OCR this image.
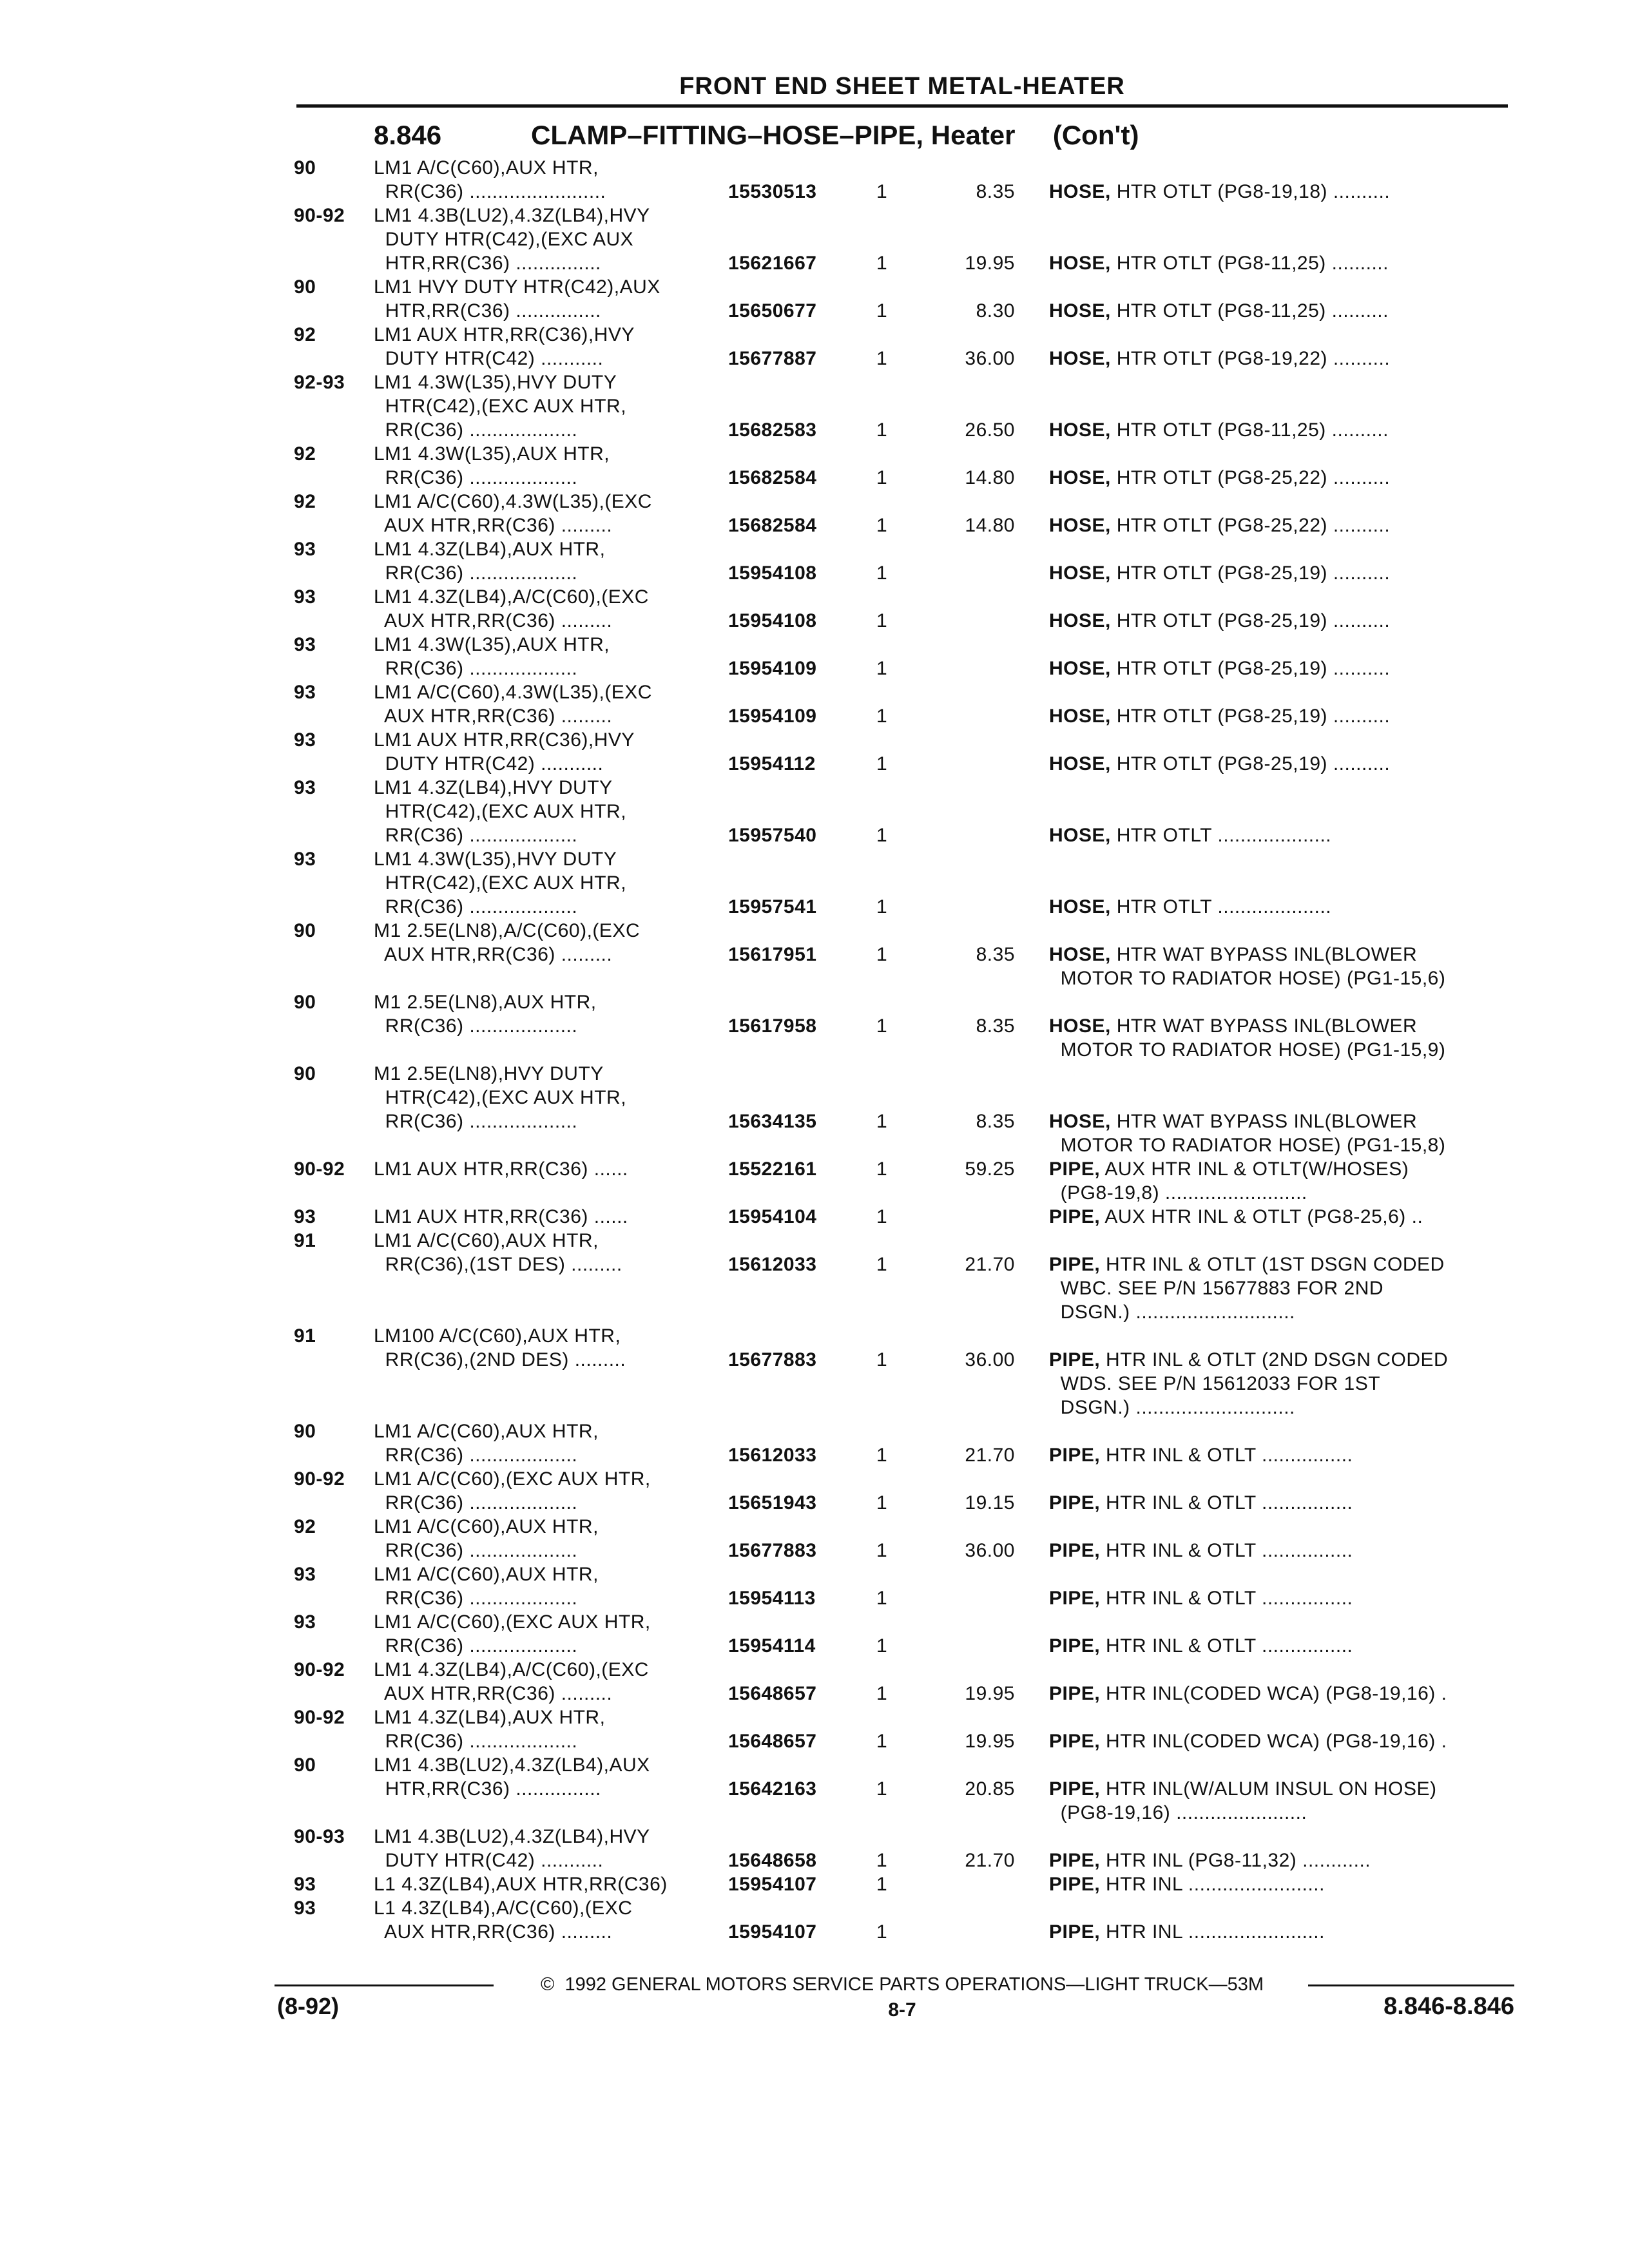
FRONT END SHEET METAL-HEATER
8.846	CLAMP–FITTING–HOSE–PIPE, Heater     (Con't)
90	LM1 A/C(C60),AUX HTR,
RR(C36) ........................	15530513	1	8.35 HOSE, HTR OTLT (PG8-19,18) ..........
90-92 LM1 4.3B(LU2),4.3Z(LB4),HVY
DUTY HTR(C42),(EXC AUX
HTR,RR(C36) ...............	15621667	1	19.95 HOSE, HTR OTLT (PG8-11,25) ..........
90	LM1 HVY DUTY HTR(C42),AUX
HTR,RR(C36) ...............	15650677	1	8.30 HOSE, HTR OTLT (PG8-11,25) ..........
92	LM1 AUX HTR,RR(C36),HVY
DUTY HTR(C42) ...........	15677887	1	36.00 HOSE, HTR OTLT (PG8-19,22) ..........
92-93 LM1 4.3W(L35),HVY DUTY
HTR(C42),(EXC AUX HTR,
RR(C36) ...................	15682583	1	26.50 HOSE, HTR OTLT (PG8-11,25) ..........
92	LM1 4.3W(L35),AUX HTR,
RR(C36) ...................	15682584	1	14.80 HOSE, HTR OTLT (PG8-25,22) ..........
92	LM1 A/C(C60),4.3W(L35),(EXC
AUX HTR,RR(C36) .........	15682584	1	14.80 HOSE, HTR OTLT (PG8-25,22) ..........
93	LM1 4.3Z(LB4),AUX HTR,
RR(C36) ...................	15954108	1	HOSE, HTR OTLT (PG8-25,19) ..........
93	LM1 4.3Z(LB4),A/C(C60),(EXC
AUX HTR,RR(C36) .........	15954108	1	HOSE, HTR OTLT (PG8-25,19) ..........
93	LM1 4.3W(L35),AUX HTR,
RR(C36) ...................	15954109	1	HOSE, HTR OTLT (PG8-25,19) ..........
93	LM1 A/C(C60),4.3W(L35),(EXC
AUX HTR,RR(C36) .........	15954109	1	HOSE, HTR OTLT (PG8-25,19) ..........
93	LM1 AUX HTR,RR(C36),HVY
DUTY HTR(C42) ...........	15954112	1	HOSE, HTR OTLT (PG8-25,19) ..........
93	LM1 4.3Z(LB4),HVY DUTY
HTR(C42),(EXC AUX HTR,
RR(C36) ...................	15957540	1	HOSE, HTR OTLT ....................
93	LM1 4.3W(L35),HVY DUTY
HTR(C42),(EXC AUX HTR,
RR(C36) ...................	15957541	1	HOSE, HTR OTLT ....................
90	M1 2.5E(LN8),A/C(C60),(EXC
AUX HTR,RR(C36) .........	15617951	1	8.35 HOSE, HTR WAT BYPASS INL(BLOWER
MOTOR TO RADIATOR HOSE) (PG1-15,6)
90	M1 2.5E(LN8),AUX HTR,
RR(C36) ...................	15617958	1	8.35 HOSE, HTR WAT BYPASS INL(BLOWER
MOTOR TO RADIATOR HOSE) (PG1-15,9)
90	M1 2.5E(LN8),HVY DUTY
HTR(C42),(EXC AUX HTR,
RR(C36) ...................	15634135	1	8.35 HOSE, HTR WAT BYPASS INL(BLOWER
MOTOR TO RADIATOR HOSE) (PG1-15,8)
90-92 LM1 AUX HTR,RR(C36) ......	15522161	1	59.25 PIPE, AUX HTR INL & OTLT(W/HOSES)
(PG8-19,8) .........................
93	LM1 AUX HTR,RR(C36) ......	15954104	1	PIPE, AUX HTR INL & OTLT (PG8-25,6) ..
91	LM1 A/C(C60),AUX HTR,
RR(C36),(1ST DES) .........	15612033	1	21.70 PIPE, HTR INL & OTLT (1ST DSGN CODED
WBC. SEE P/N 15677883 FOR 2ND
DSGN.) ............................
91	LM100 A/C(C60),AUX HTR,
RR(C36),(2ND DES) .........	15677883	1	36.00 PIPE, HTR INL & OTLT (2ND DSGN CODED
WDS. SEE P/N 15612033 FOR 1ST
DSGN.) ............................
90	LM1 A/C(C60),AUX HTR,
RR(C36) ...................	15612033	1	21.70 PIPE, HTR INL & OTLT ................
90-92 LM1 A/C(C60),(EXC AUX HTR,
RR(C36) ...................	15651943	1	19.15 PIPE, HTR INL & OTLT ................
92	LM1 A/C(C60),AUX HTR,
RR(C36) ...................	15677883	1	36.00 PIPE, HTR INL & OTLT ................
93	LM1 A/C(C60),AUX HTR,
RR(C36) ...................	15954113	1	PIPE, HTR INL & OTLT ................
93	LM1 A/C(C60),(EXC AUX HTR,
RR(C36) ...................	15954114	1	PIPE, HTR INL & OTLT ................
90-92 LM1 4.3Z(LB4),A/C(C60),(EXC
AUX HTR,RR(C36) .........	15648657	1	19.95 PIPE, HTR INL(CODED WCA) (PG8-19,16) .
90-92 LM1 4.3Z(LB4),AUX HTR,
RR(C36) ...................	15648657	1	19.95 PIPE, HTR INL(CODED WCA) (PG8-19,16) .
90	LM1 4.3B(LU2),4.3Z(LB4),AUX
HTR,RR(C36) ...............	15642163	1	20.85 PIPE, HTR INL(W/ALUM INSUL ON HOSE)
(PG8-19,16) .......................
90-93 LM1 4.3B(LU2),4.3Z(LB4),HVY
DUTY HTR(C42) ...........	15648658	1	21.70 PIPE, HTR INL (PG8-11,32) ............
93	L1 4.3Z(LB4),AUX HTR,RR(C36)	15954107	1	PIPE, HTR INL ........................
93	L1 4.3Z(LB4),A/C(C60),(EXC
AUX HTR,RR(C36) .........	15954107	1	PIPE, HTR INL ........................
©  1992 GENERAL MOTORS SERVICE PARTS OPERATIONS—LIGHT TRUCK—53M
(8-92)	8-7	8.846-8.846
